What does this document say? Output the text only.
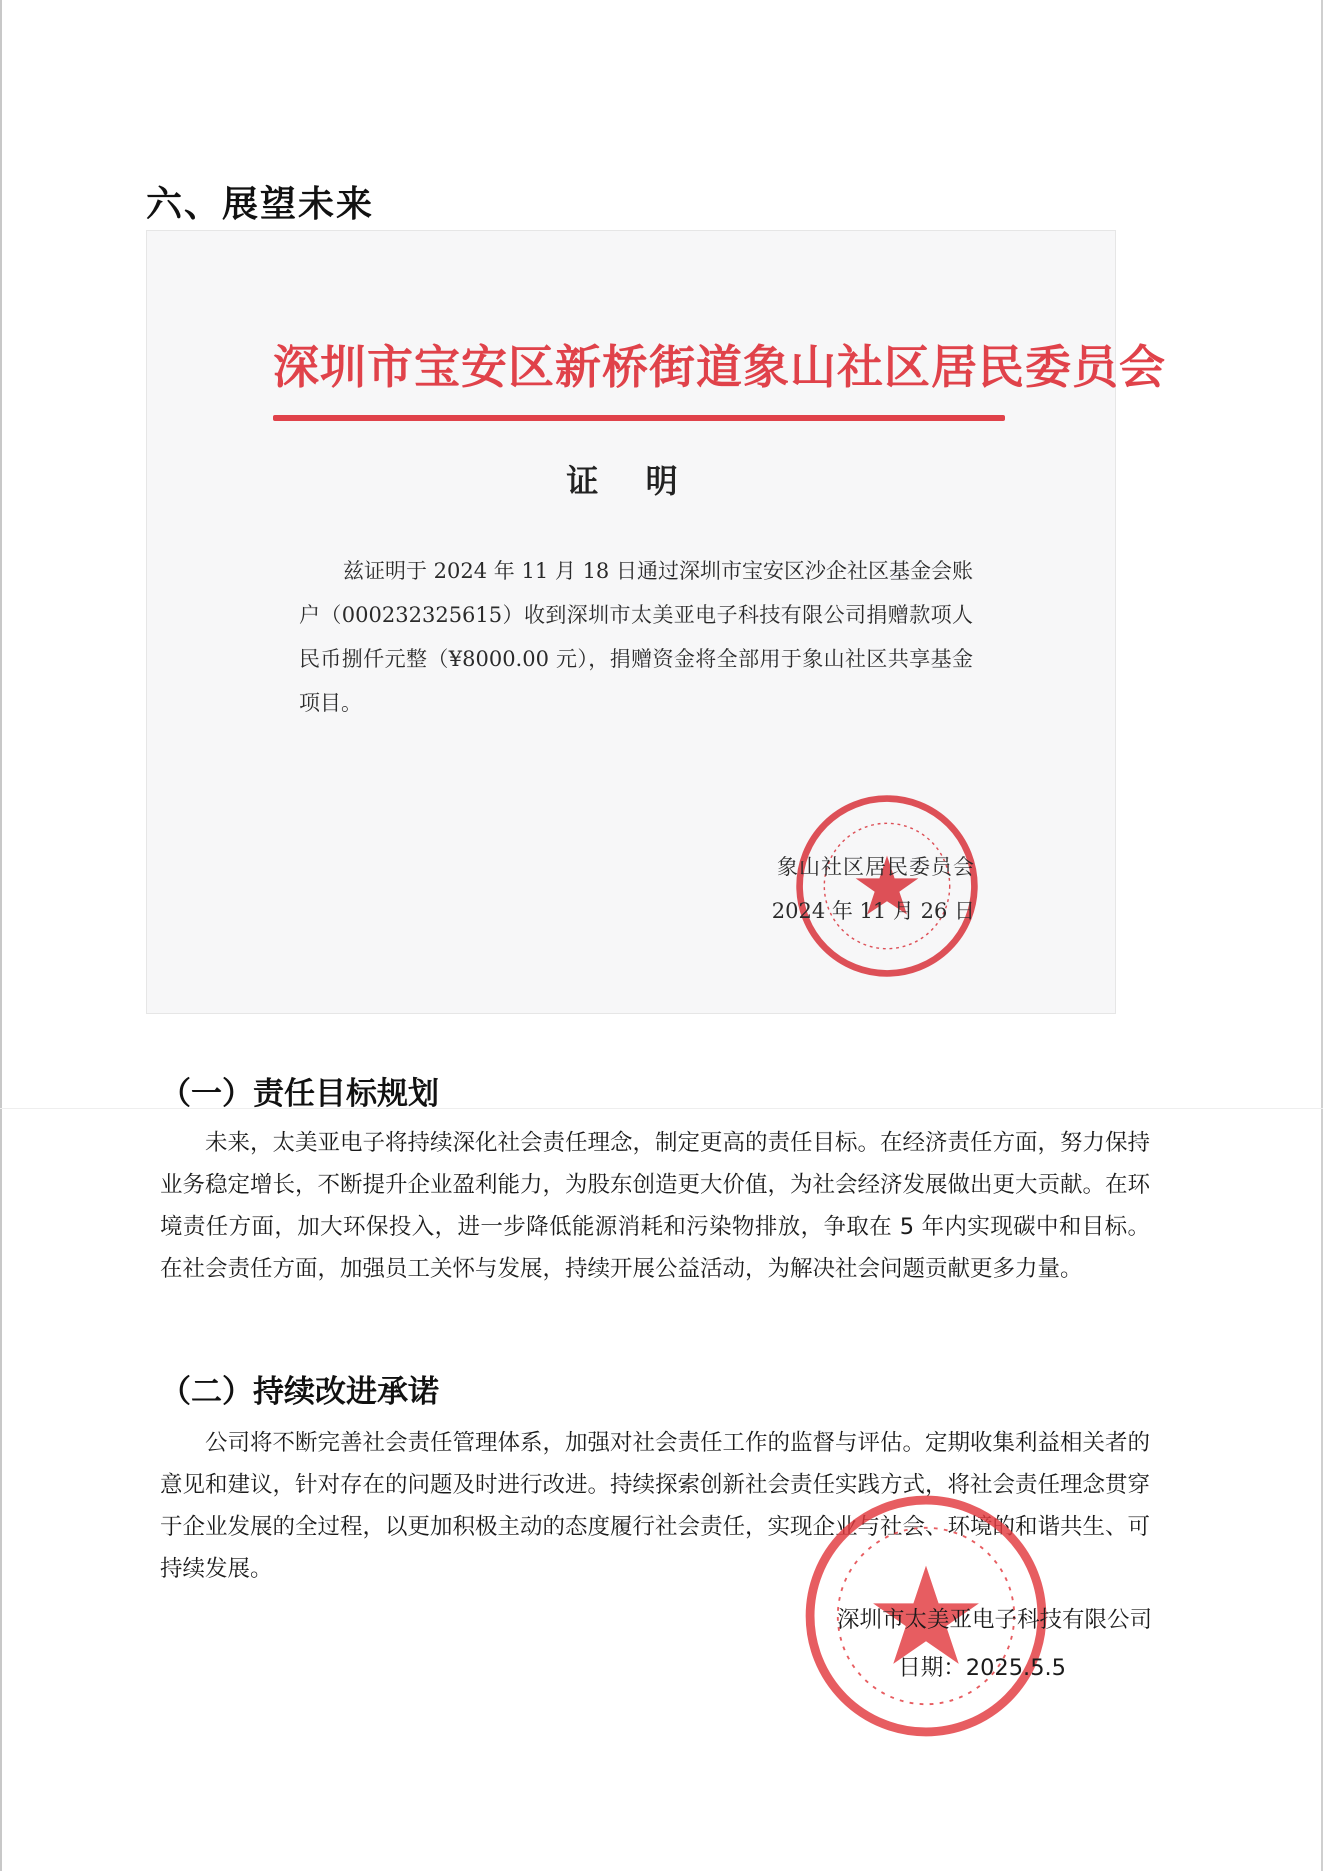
六、展望未来
深圳市宝安区新桥街道象山社区居民委员会
证 明
兹证明于 2024 年 11 月 18 日通过深圳市宝安区沙企社区基金会账户（000232325615）收到深圳市太美亚电子科技有限公司捐赠款项人民币捌仟元整（¥8000.00 元），捐赠资金将全部用于象山社区共享基金项目。
象山社区居民委员会
2024 年 11 月 26 日
（一）责任目标规划
未来，太美亚电子将持续深化社会责任理念，制定更高的责任目标。在经济责任方面，努力保持业务稳定增长，不断提升企业盈利能力，为股东创造更大价值，为社会经济发展做出更大贡献。在环境责任方面，加大环保投入，进一步降低能源消耗和污染物排放，争取在 5 年内实现碳中和目标。在社会责任方面，加强员工关怀与发展，持续开展公益活动，为解决社会问题贡献更多力量。
（二）持续改进承诺
公司将不断完善社会责任管理体系，加强对社会责任工作的监督与评估。定期收集利益相关者的意见和建议，针对存在的问题及时进行改进。持续探索创新社会责任实践方式，将社会责任理念贯穿于企业发展的全过程，以更加积极主动的态度履行社会责任，实现企业与社会、环境的和谐共生、可持续发展。
深圳市太美亚电子科技有限公司
日期：2025.5.5
